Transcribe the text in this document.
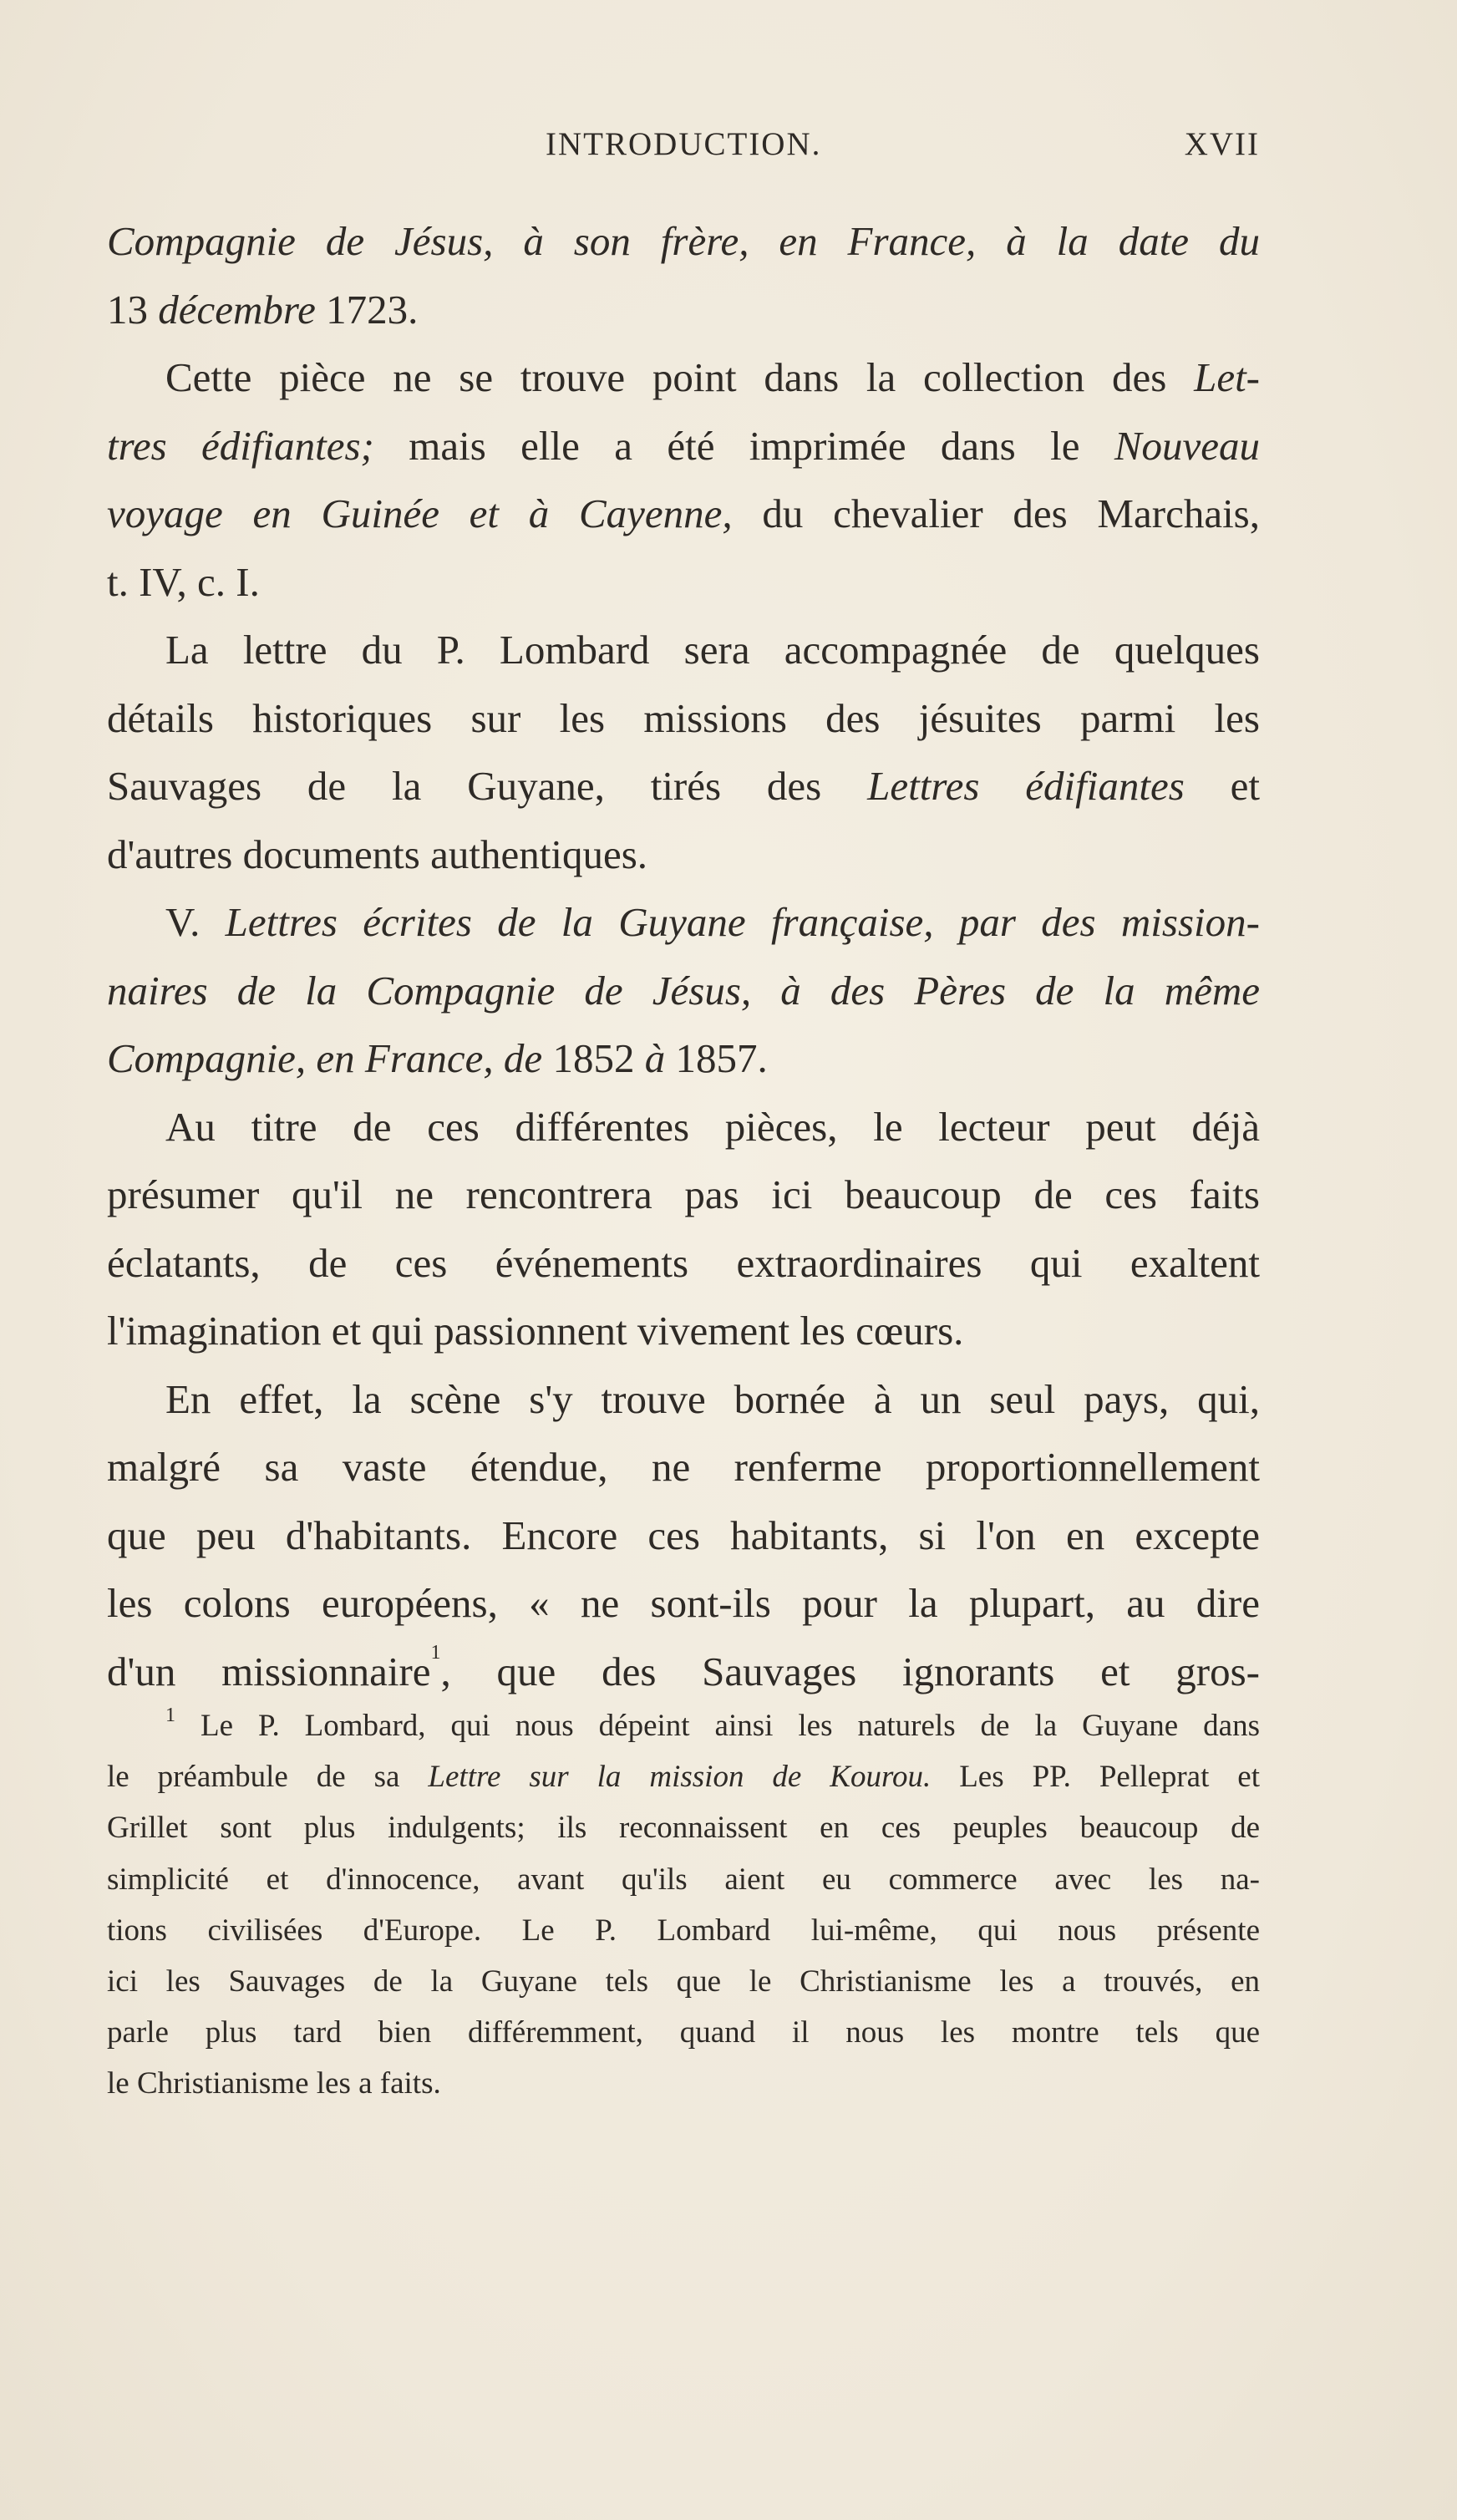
INTRODUCTION.	XVII
Compagnie de Jésus, à son frère, en France, à la date du
13 décembre 1723.
Cette pièce ne se trouve point dans la collection des Let-
tres édifiantes; mais elle a été imprimée dans le Nouveau
voyage en Guinée et à Cayenne, du chevalier des Marchais,
t. IV, c. I.
La lettre du P. Lombard sera accompagnée de quelques
détails historiques sur les missions des jésuites parmi les
Sauvages de la Guyane, tirés des Lettres édifiantes et
d'autres documents authentiques.
V. Lettres écrites de la Guyane française, par des mission-
naires de la Compagnie de Jésus, à des Pères de la même
Compagnie, en France, de 1852 à 1857.
Au titre de ces différentes pièces, le lecteur peut déjà
présumer qu'il ne rencontrera pas ici beaucoup de ces faits
éclatants, de ces événements extraordinaires qui exaltent
l'imagination et qui passionnent vivement les cœurs.
En effet, la scène s'y trouve bornée à un seul pays, qui,
malgré sa vaste étendue, ne renferme proportionnellement
que peu d'habitants. Encore ces habitants, si l'on en excepte
les colons européens, « ne sont-ils pour la plupart, au dire
d'un missionnaire$^1$, que des Sauvages ignorants et gros-
$^1$ Le P. Lombard, qui nous dépeint ainsi les naturels de la Guyane dans
le préambule de sa Lettre sur la mission de Kourou. Les PP. Pelleprat et
Grillet sont plus indulgents; ils reconnaissent en ces peuples beaucoup de
simplicité et d'innocence, avant qu'ils aient eu commerce avec les na-
tions civilisées d'Europe. Le P. Lombard lui-même, qui nous présente
ici les Sauvages de la Guyane tels que le Christianisme les a trouvés, en
parle plus tard bien différemment, quand il nous les montre tels que
le Christianisme les a faits.
